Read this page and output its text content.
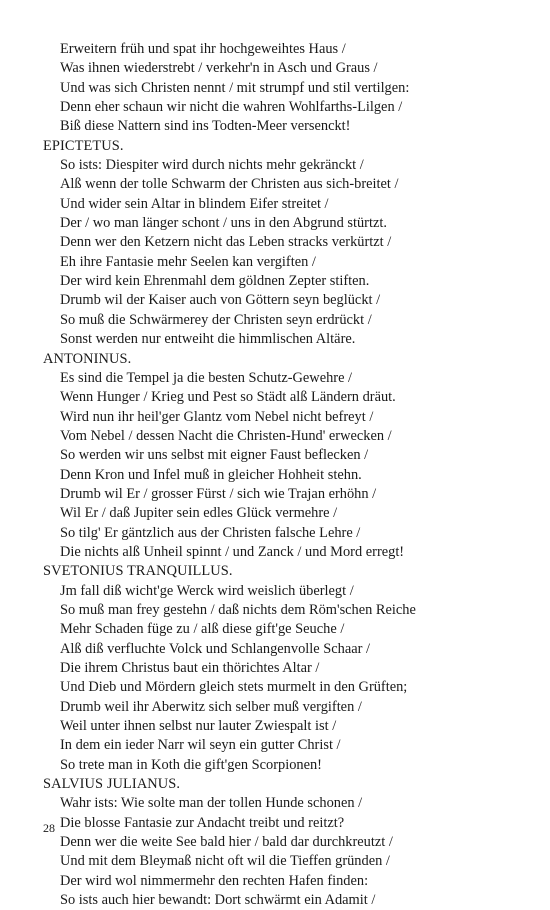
Erweitern früh und spat ihr hochgeweihtes Haus /
Was ihnen wiederstrebt / verkehr'n in Asch und Graus /
Und was sich Christen nennt / mit strumpf und stil vertilgen:
Denn eher schaun wir nicht die wahren Wohlfarths-Lilgen /
Biß diese Nattern sind ins Todten-Meer versenckt!
EPICTETUS.
So ists: Diespiter wird durch nichts mehr gekränckt /
Alß wenn der tolle Schwarm der Christen aus sich-breitet /
Und wider sein Altar in blindem Eifer streitet /
Der / wo man länger schont / uns in den Abgrund stürtzt.
Denn wer den Ketzern nicht das Leben stracks verkürtzt /
Eh ihre Fantasie mehr Seelen kan vergiften /
Der wird kein Ehrenmahl dem göldnen Zepter stiften.
Drumb wil der Kaiser auch von Göttern seyn beglückt /
So muß die Schwärmerey der Christen seyn erdrückt /
Sonst werden nur entweiht die himmlischen Altäre.
ANTONINUS.
Es sind die Tempel ja die besten Schutz-Gewehre /
Wenn Hunger / Krieg und Pest so Städt alß Ländern dräut.
Wird nun ihr heil'ger Glantz vom Nebel nicht befreyt /
Vom Nebel / dessen Nacht die Christen-Hund' erwecken /
So werden wir uns selbst mit eigner Faust beflecken /
Denn Kron und Infel muß in gleicher Hohheit stehn.
Drumb wil Er / grosser Fürst / sich wie Trajan erhöhn /
Wil Er / daß Jupiter sein edles Glück vermehre /
So tilg' Er gäntzlich aus der Christen falsche Lehre /
Die nichts alß Unheil spinnt / und Zanck / und Mord erregt!
SVETONIUS TRANQUILLUS.
Jm fall diß wicht'ge Werck wird weislich überlegt /
So muß man frey gestehn / daß nichts dem Röm'schen Reiche
Mehr Schaden füge zu / alß diese gift'ge Seuche /
Alß diß verfluchte Volck und Schlangenvolle Schaar /
Die ihrem Christus baut ein thörichtes Altar /
Und Dieb und Mördern gleich stets murmelt in den Grüften;
Drumb weil ihr Aberwitz sich selber muß vergiften /
Weil unter ihnen selbst nur lauter Zwiespalt ist /
In dem ein ieder Narr wil seyn ein gutter Christ /
So trete man in Koth die gift'gen Scorpionen!
SALVIUS JULIANUS.
Wahr ists: Wie solte man der tollen Hunde schonen /
Die blosse Fantasie zur Andacht treibt und reitzt?
Denn wer die weite See bald hier / bald dar durchkreutzt /
Und mit dem Bleymaß nicht oft wil die Tieffen gründen /
Der wird wol nimmermehr den rechten Hafen finden:
So ists auch hier bewandt: Dort schwärmt ein Adamit /
28
